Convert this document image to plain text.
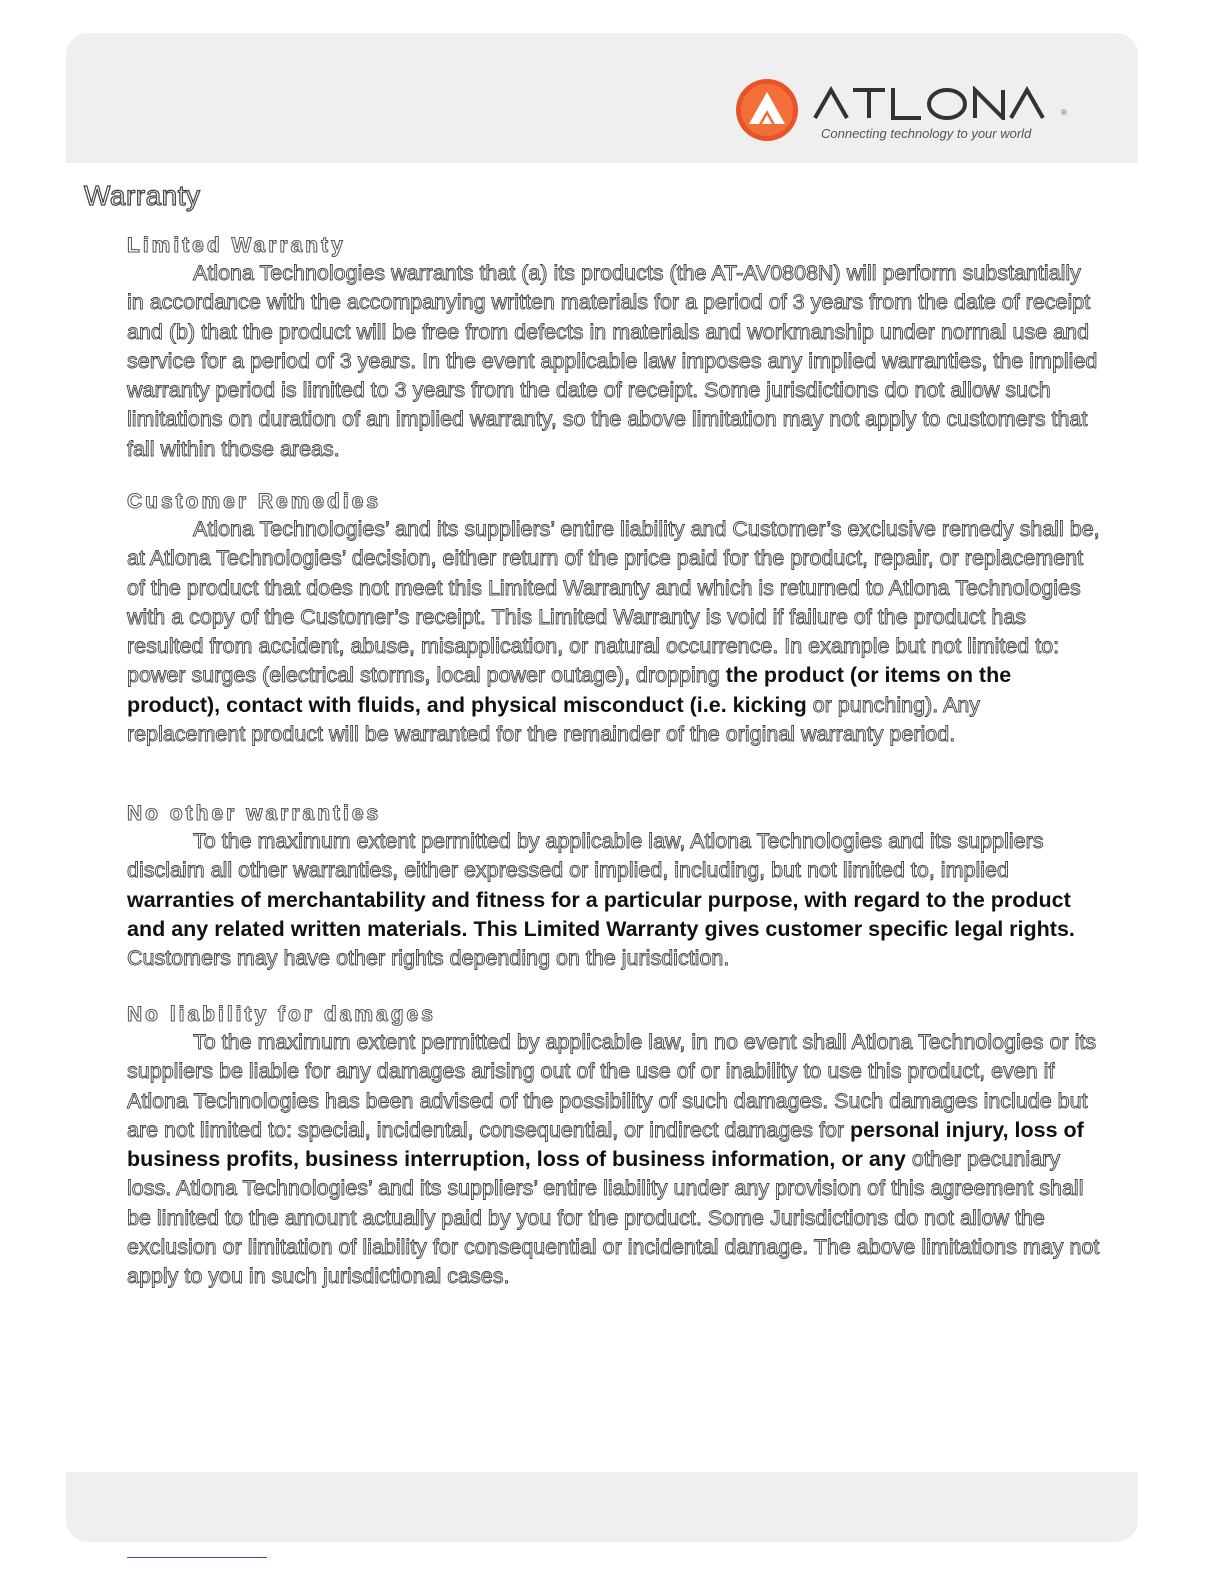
®
Connecting technology to your world
Warranty
Limited Warranty

Atlona Technologies warrants that (a) its products (the AT-AV0808N) will perform substantially in accordance with the accompanying written materials for a period of 3 years from the date of receipt and (b) that the product will be free from defects in materials and workmanship under normal use and service for a period of 3 years. In the event applicable law imposes any implied warranties, the implied warranty period is limited to 3 years from the date of receipt. Some jurisdictions do not allow such limitations on duration of an implied warranty, so the above limitation may not apply to customers that fall within those areas.

Customer Remedies

Atlona Technologies’ and its suppliers’ entire liability and Customer’s exclusive remedy shall be, at Atlona Technologies’ decision, either return of the price paid for the product, repair, or replacement of the product that does not meet this Limited Warranty and which is returned to Atlona Technologies with a copy of the Customer’s receipt. This Limited Warranty is void if failure of the product has resulted from accident, abuse, misapplication, or natural occurrence. In example but not limited to: power surges (electrical storms, local power outage), dropping the product (or items on the product), contact with fluids, and physical misconduct (i.e. kicking or punching). Any replacement product will be warranted for the remainder of the original warranty period.

No other warranties

To the maximum extent permitted by applicable law, Atlona Technologies and its suppliers disclaim all other warranties, either expressed or implied, including, but not limited to, implied warranties of merchantability and fitness for a particular purpose, with regard to the product and any related written materials. This Limited Warranty gives customer specific legal rights. Customers may have other rights depending on the jurisdiction.

No liability for damages

To the maximum extent permitted by applicable law, in no event shall Atlona Technologies or its suppliers be liable for any damages arising out of the use of or inability to use this product, even if Atlona Technologies has been advised of the possibility of such damages. Such damages include but are not limited to: special, incidental, consequential, or indirect damages for personal injury, loss of business profits, business interruption, loss of business information, or any other pecuniary loss. Atlona Technologies’ and its suppliers’ entire liability under any provision of this agreement shall be limited to the amount actually paid by you for the product. Some Jurisdictions do not allow the exclusion or limitation of liability for consequential or incidental damage. The above limitations may not apply to you in such jurisdictional cases.
